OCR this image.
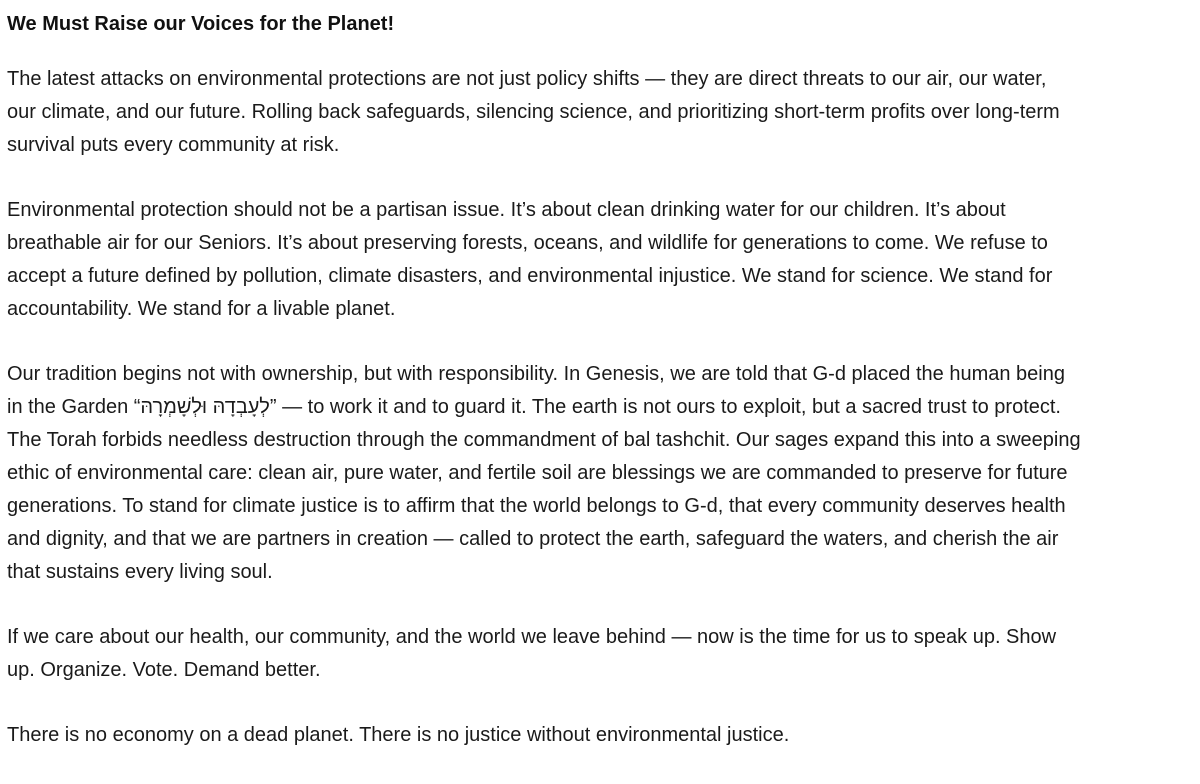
We Must Raise our Voices for the Planet!

The latest attacks on environmental protections are not just policy shifts — they are direct threats to our air, our water,
our climate, and our future. Rolling back safeguards, silencing science, and prioritizing short-term profits over long-term
survival puts every community at risk.

Environmental protection should not be a partisan issue. It’s about clean drinking water for our children. It’s about
breathable air for our Seniors. It’s about preserving forests, oceans, and wildlife for generations to come. We refuse to
accept a future defined by pollution, climate disasters, and environmental injustice. We stand for science. We stand for
accountability. We stand for a livable planet.

Our tradition begins not with ownership, but with responsibility. In Genesis, we are told that G-d placed the human being
in the Garden “לְעָבְדָהּ וּלְשָׁמְרָהּ” — to work it and to guard it. The earth is not ours to exploit, but a sacred trust to protect.
The Torah forbids needless destruction through the commandment of bal tashchit. Our sages expand this into a sweeping
ethic of environmental care: clean air, pure water, and fertile soil are blessings we are commanded to preserve for future
generations. To stand for climate justice is to affirm that the world belongs to G-d, that every community deserves health
and dignity, and that we are partners in creation — called to protect the earth, safeguard the waters, and cherish the air
that sustains every living soul.

If we care about our health, our community, and the world we leave behind — now is the time for us to speak up. Show
up. Organize. Vote. Demand better.

There is no economy on a dead planet. There is no justice without environmental justice.
